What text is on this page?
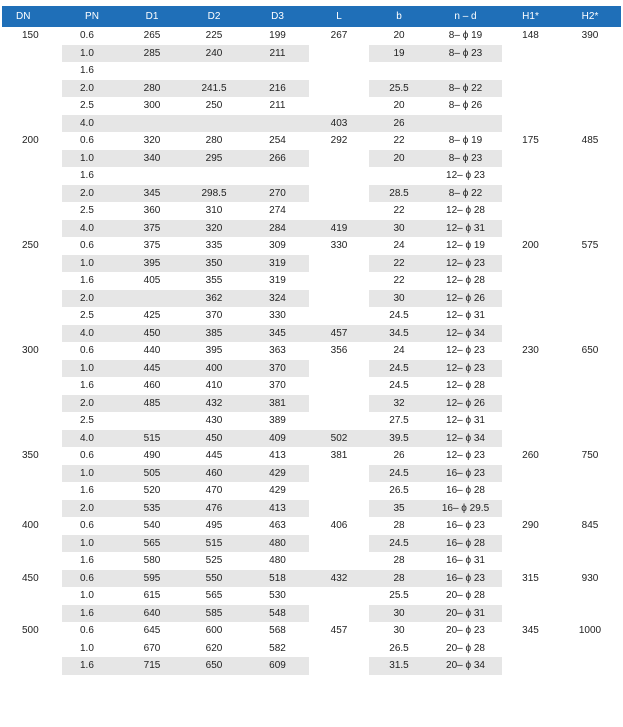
DN	PN	D1	D2	D3	L	b	n – d	H1*	H2*
150	0.6	265	225	199	267	20	8– ϕ 19	148	390
	1.0	285	240	211		19	8– ϕ 23		
	1.6								
	2.0	280	241.5	216		25.5	8– ϕ 22		
	2.5	300	250	211		20	8– ϕ 26		
	4.0				403	26			
200	0.6	320	280	254	292	22	8– ϕ 19	175	485
	1.0	340	295	266		20	8– ϕ 23		
	1.6						12– ϕ 23		
	2.0	345	298.5	270		28.5	8– ϕ 22		
	2.5	360	310	274		22	12– ϕ 28		
	4.0	375	320	284	419	30	12– ϕ 31		
250	0.6	375	335	309	330	24	12– ϕ 19	200	575
	1.0	395	350	319		22	12– ϕ 23		
	1.6	405	355	319		22	12– ϕ 28		
	2.0		362	324		30	12– ϕ 26		
	2.5	425	370	330		24.5	12– ϕ 31		
	4.0	450	385	345	457	34.5	12– ϕ 34		
300	0.6	440	395	363	356	24	12– ϕ 23	230	650
	1.0	445	400	370		24.5	12– ϕ 23		
	1.6	460	410	370		24.5	12– ϕ 28		
	2.0	485	432	381		32	12– ϕ 26		
	2.5		430	389		27.5	12– ϕ 31		
	4.0	515	450	409	502	39.5	12– ϕ 34		
350	0.6	490	445	413	381	26	12– ϕ 23	260	750
	1.0	505	460	429		24.5	16– ϕ 23		
	1.6	520	470	429		26.5	16– ϕ 28		
	2.0	535	476	413		35	16– ϕ 29.5		
400	0.6	540	495	463	406	28	16– ϕ 23	290	845
	1.0	565	515	480		24.5	16– ϕ 28		
	1.6	580	525	480		28	16– ϕ 31		
450	0.6	595	550	518	432	28	16– ϕ 23	315	930
	1.0	615	565	530		25.5	20– ϕ 28		
	1.6	640	585	548		30	20– ϕ 31		
500	0.6	645	600	568	457	30	20– ϕ 23	345	1000
	1.0	670	620	582		26.5	20– ϕ 28		
	1.6	715	650	609		31.5	20– ϕ 34		
